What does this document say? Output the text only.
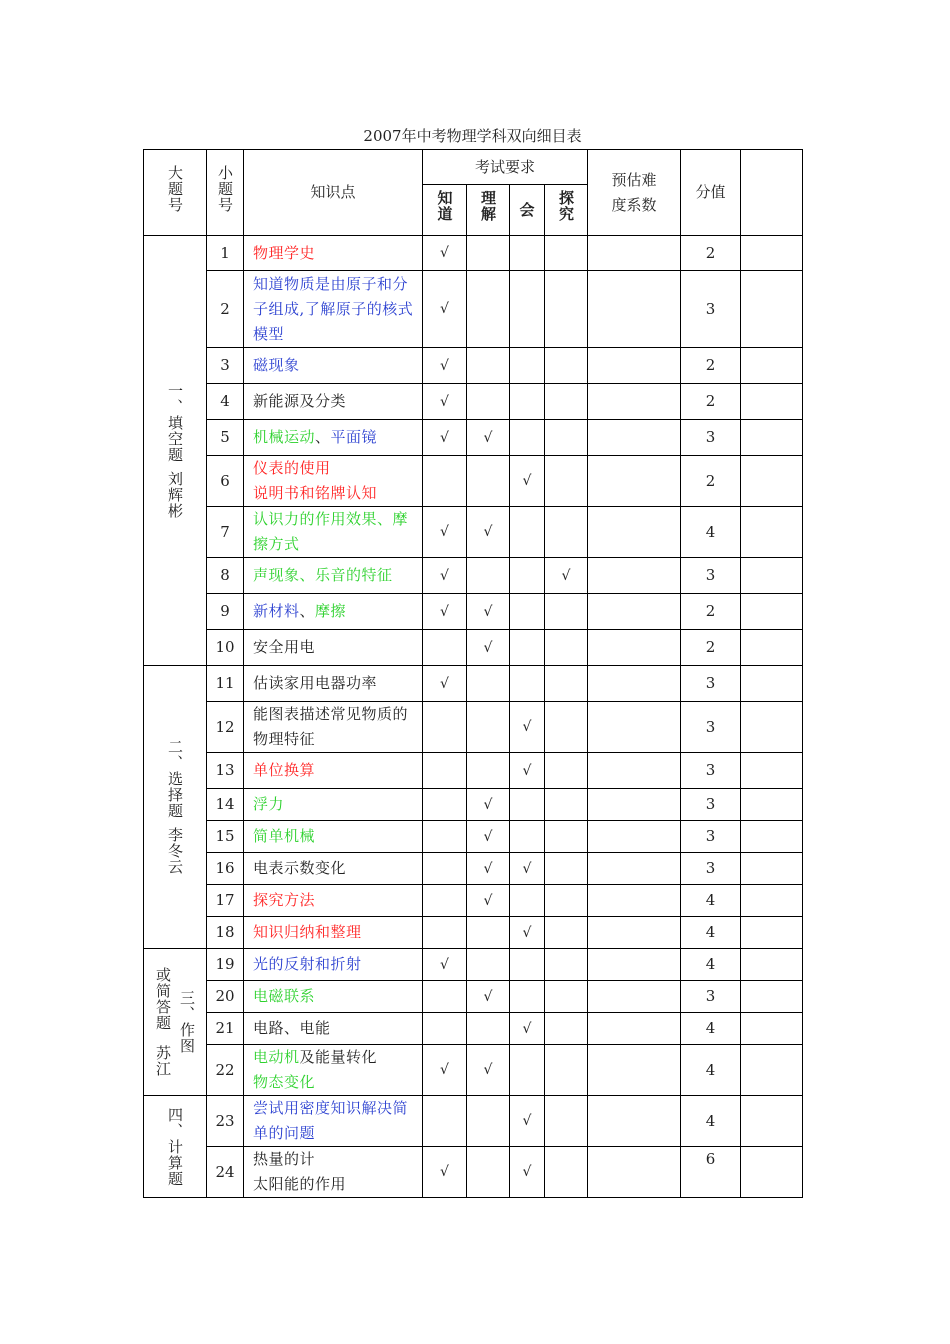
2007年中考物理学科双向细目表
大题号	小题号	知识点	考试要求				预估难度系数	分值	
			知道	理解	会	探究			

一、填空题
刘辉彬	1	物理学史	√					2	
	2	知道物质是由原子和分子组成,了解原子的核式模型	√					3	
	3	磁现象	√					2	
	4	新能源及分类	√					2	
	5	机械运动、平面镜	√	√				3	
	6	仪表的使用
说明书和铭牌认知			√			2	
	7	认识力的作用效果、摩擦方式	√	√				4	
	8	声现象、乐音的特征	√			√		3	
	9	新材料、摩擦	√	√				2	
	10	安全用电		√				2	

二、选择题
李冬云	11	估读家用电器功率	√					3	
	12	能图表描述常见物质的物理特征			√			3	
	13	单位换算			√			3	
	14	浮力		√				3	
	15	简单机械		√				3	
	16	电表示数变化		√	√			3	
	17	探究方法		√				4	
	18	知识归纳和整理			√			4	

三、作图
或简答题
苏江	19	光的反射和折射	√					4	
	20	电磁联系		√				3	
	21	电路、电能			√			4	
	22	电动机及能量转化
物态变化	√	√				4	

四、计算题	23	尝试用密度知识解决简单的问题			√			4	
	24	热量的计
太阳能的作用	√		√			6	
